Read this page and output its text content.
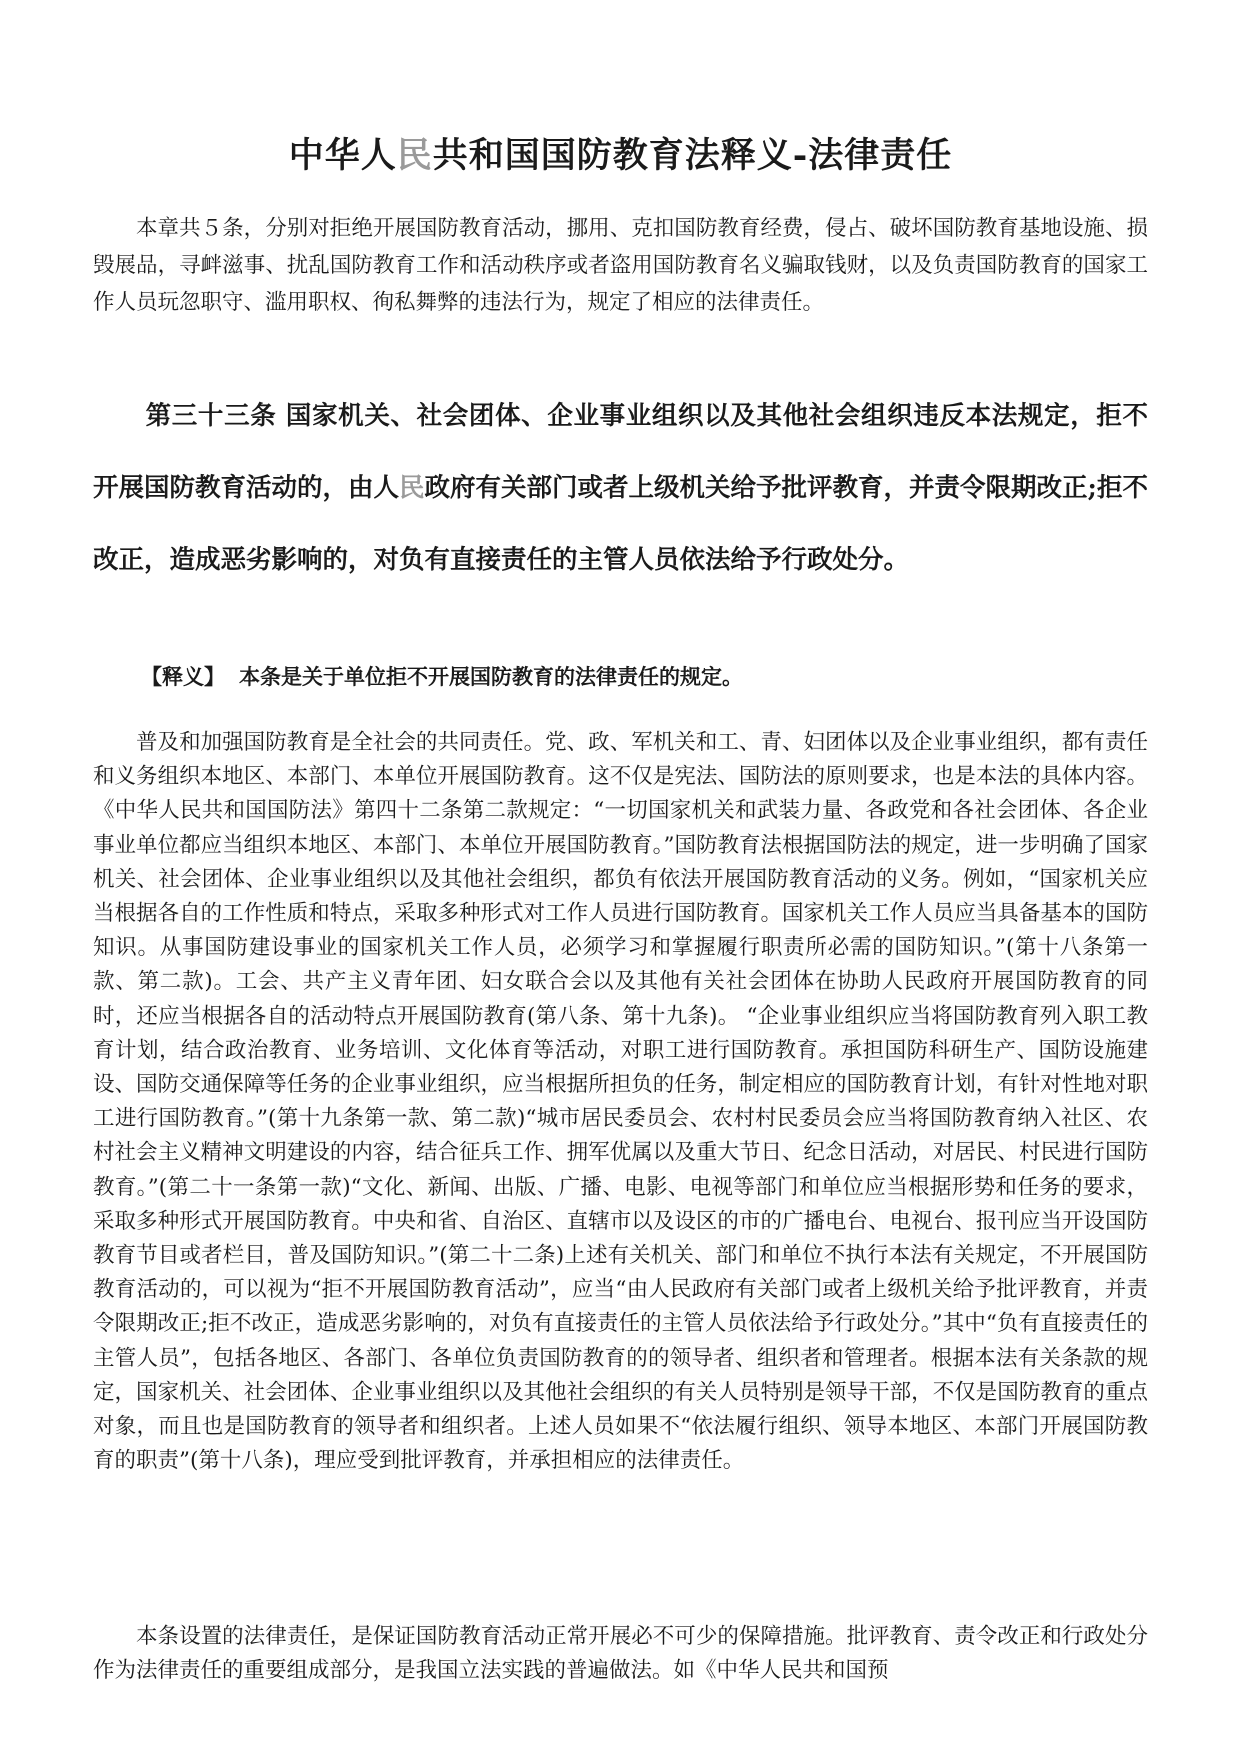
中华人民共和国国防教育法释义-法律责任

本章共５条，分别对拒绝开展国防教育活动，挪用、克扣国防教育经费，侵占、破坏国防教育基地设施、损毁展品，寻衅滋事、扰乱国防教育工作和活动秩序或者盗用国防教育名义骗取钱财，以及负责国防教育的国家工作人员玩忽职守、滥用职权、徇私舞弊的违法行为，规定了相应的法律责任。

第三十三条 国家机关、社会团体、企业事业组织以及其他社会组织违反本法规定，拒不开展国防教育活动的，由人民政府有关部门或者上级机关给予批评教育，并责令限期改正;拒不改正，造成恶劣影响的，对负有直接责任的主管人员依法给予行政处分。

【释义】 本条是关于单位拒不开展国防教育的法律责任的规定。

普及和加强国防教育是全社会的共同责任。党、政、军机关和工、青、妇团体以及企业事业组织，都有责任和义务组织本地区、本部门、本单位开展国防教育。这不仅是宪法、国防法的原则要求，也是本法的具体内容。《中华人民共和国国防法》第四十二条第二款规定：“一切国家机关和武装力量、各政党和各社会团体、各企业事业单位都应当组织本地区、本部门、本单位开展国防教育。”国防教育法根据国防法的规定，进一步明确了国家机关、社会团体、企业事业组织以及其他社会组织，都负有依法开展国防教育活动的义务。例如，“国家机关应当根据各自的工作性质和特点，采取多种形式对工作人员进行国防教育。国家机关工作人员应当具备基本的国防知识。从事国防建设事业的国家机关工作人员，必须学习和掌握履行职责所必需的国防知识。”(第十八条第一款、第二款)。工会、共产主义青年团、妇女联合会以及其他有关社会团体在协助人民政府开展国防教育的同时，还应当根据各自的活动特点开展国防教育(第八条、第十九条)。 “企业事业组织应当将国防教育列入职工教育计划，结合政治教育、业务培训、文化体育等活动，对职工进行国防教育。承担国防科研生产、国防设施建设、国防交通保障等任务的企业事业组织，应当根据所担负的任务，制定相应的国防教育计划，有针对性地对职工进行国防教育。”(第十九条第一款、第二款)“城市居民委员会、农村村民委员会应当将国防教育纳入社区、农村社会主义精神文明建设的内容，结合征兵工作、拥军优属以及重大节日、纪念日活动，对居民、村民进行国防教育。”(第二十一条第一款)“文化、新闻、出版、广播、电影、电视等部门和单位应当根据形势和任务的要求，采取多种形式开展国防教育。中央和省、自治区、直辖市以及设区的市的广播电台、电视台、报刊应当开设国防教育节目或者栏目，普及国防知识。”(第二十二条)上述有关机关、部门和单位不执行本法有关规定，不开展国防教育活动的，可以视为“拒不开展国防教育活动”，应当“由人民政府有关部门或者上级机关给予批评教育，并责令限期改正;拒不改正，造成恶劣影响的，对负有直接责任的主管人员依法给予行政处分。”其中“负有直接责任的主管人员”，包括各地区、各部门、各单位负责国防教育的的领导者、组织者和管理者。根据本法有关条款的规定，国家机关、社会团体、企业事业组织以及其他社会组织的有关人员特别是领导干部，不仅是国防教育的重点对象，而且也是国防教育的领导者和组织者。上述人员如果不“依法履行组织、领导本地区、本部门开展国防教育的职责”(第十八条)，理应受到批评教育，并承担相应的法律责任。

本条设置的法律责任，是保证国防教育活动正常开展必不可少的保障措施。批评教育、责令改正和行政处分作为法律责任的重要组成部分，是我国立法实践的普遍做法。如《中华人民共和国预
